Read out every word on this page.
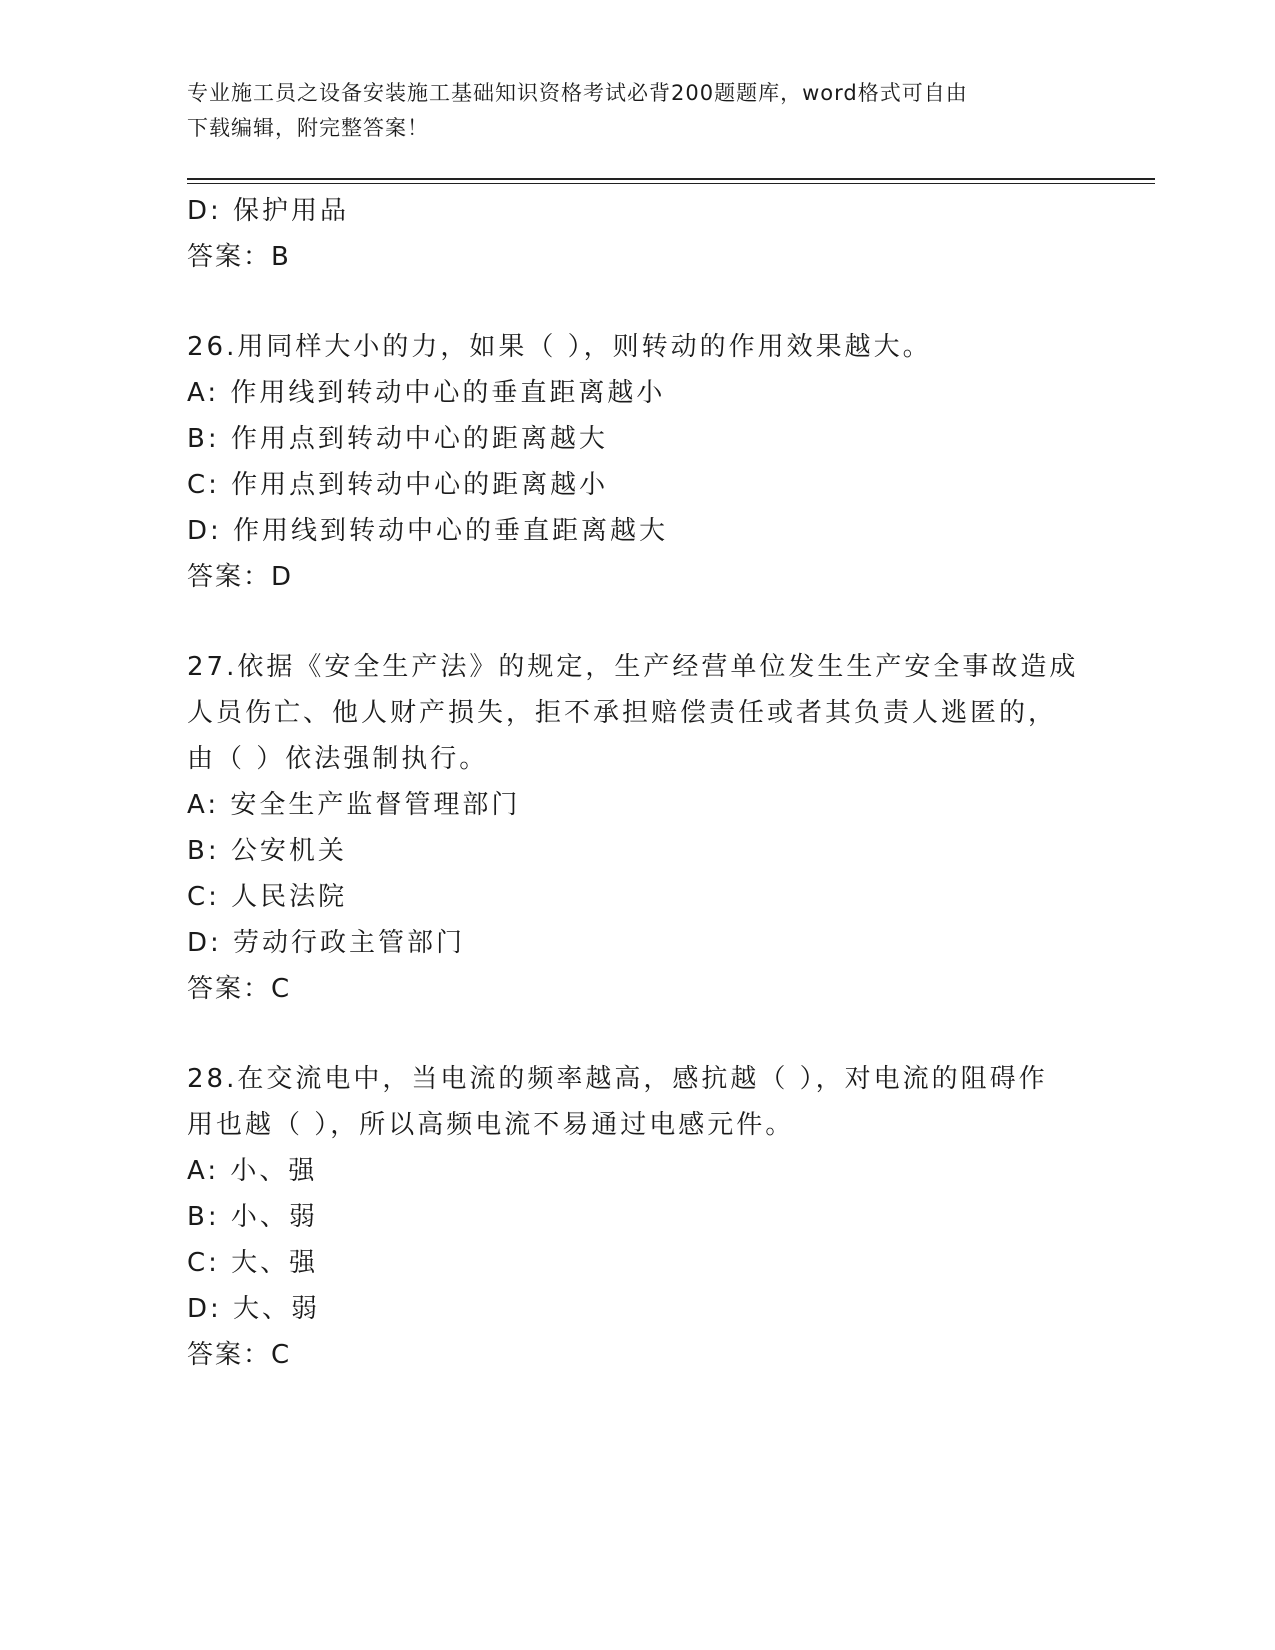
专业施工员之设备安装施工基础知识资格考试必背200题题库，word格式可自由
下载编辑，附完整答案！

D: 保护用品
答案：B
26.用同样大小的力，如果（ ），则转动的作用效果越大。
A: 作用线到转动中心的垂直距离越小
B: 作用点到转动中心的距离越大
C: 作用点到转动中心的距离越小
D: 作用线到转动中心的垂直距离越大
答案：D
27.依据《安全生产法》的规定，生产经营单位发生生产安全事故造成
人员伤亡、他人财产损失，拒不承担赔偿责任或者其负责人逃匿的，
由（ ）依法强制执行。
A: 安全生产监督管理部门
B: 公安机关
C: 人民法院
D: 劳动行政主管部门
答案：C
28.在交流电中，当电流的频率越高，感抗越（ ），对电流的阻碍作
用也越（ ），所以高频电流不易通过电感元件。
A: 小、强
B: 小、弱
C: 大、强
D: 大、弱
答案：C
